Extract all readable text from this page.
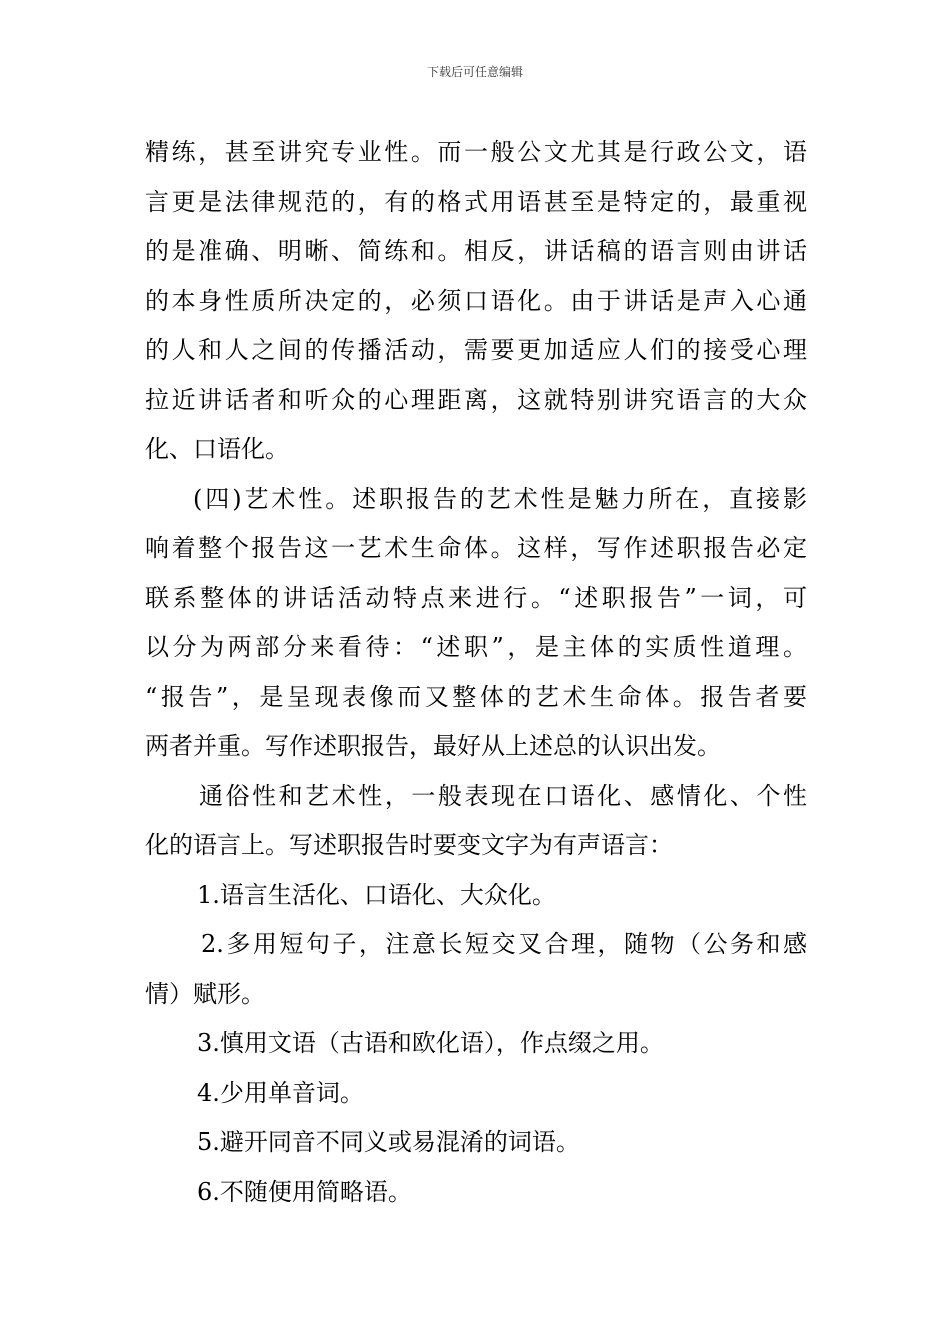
下载后可任意编辑
精练，甚至讲究专业性。而一般公文尤其是行政公文，语
言更是法律规范的，有的格式用语甚至是特定的，最重视
的是准确、明晰、简练和。相反，讲话稿的语言则由讲话
的本身性质所决定的，必须口语化。由于讲话是声入心通
的人和人之间的传播活动，需要更加适应人们的接受心理
拉近讲话者和听众的心理距离，这就特别讲究语言的大众
化、口语化。
(四)艺术性。述职报告的艺术性是魅力所在，直接影
响着整个报告这一艺术生命体。这样，写作述职报告必定
联系整体的讲话活动特点来进行。“述职报告”一词，可
以分为两部分来看待：“述职”，是主体的实质性道理。
“报告”，是呈现表像而又整体的艺术生命体。报告者要
两者并重。写作述职报告，最好从上述总的认识出发。
通俗性和艺术性，一般表现在口语化、感情化、个性
化的语言上。写述职报告时要变文字为有声语言：
1.语言生活化、口语化、大众化。
2.多用短句子，注意长短交叉合理，随物（公务和感
情）赋形。
3.慎用文语（古语和欧化语），作点缀之用。
4.少用单音词。
5.避开同音不同义或易混淆的词语。
6.不随便用简略语。
